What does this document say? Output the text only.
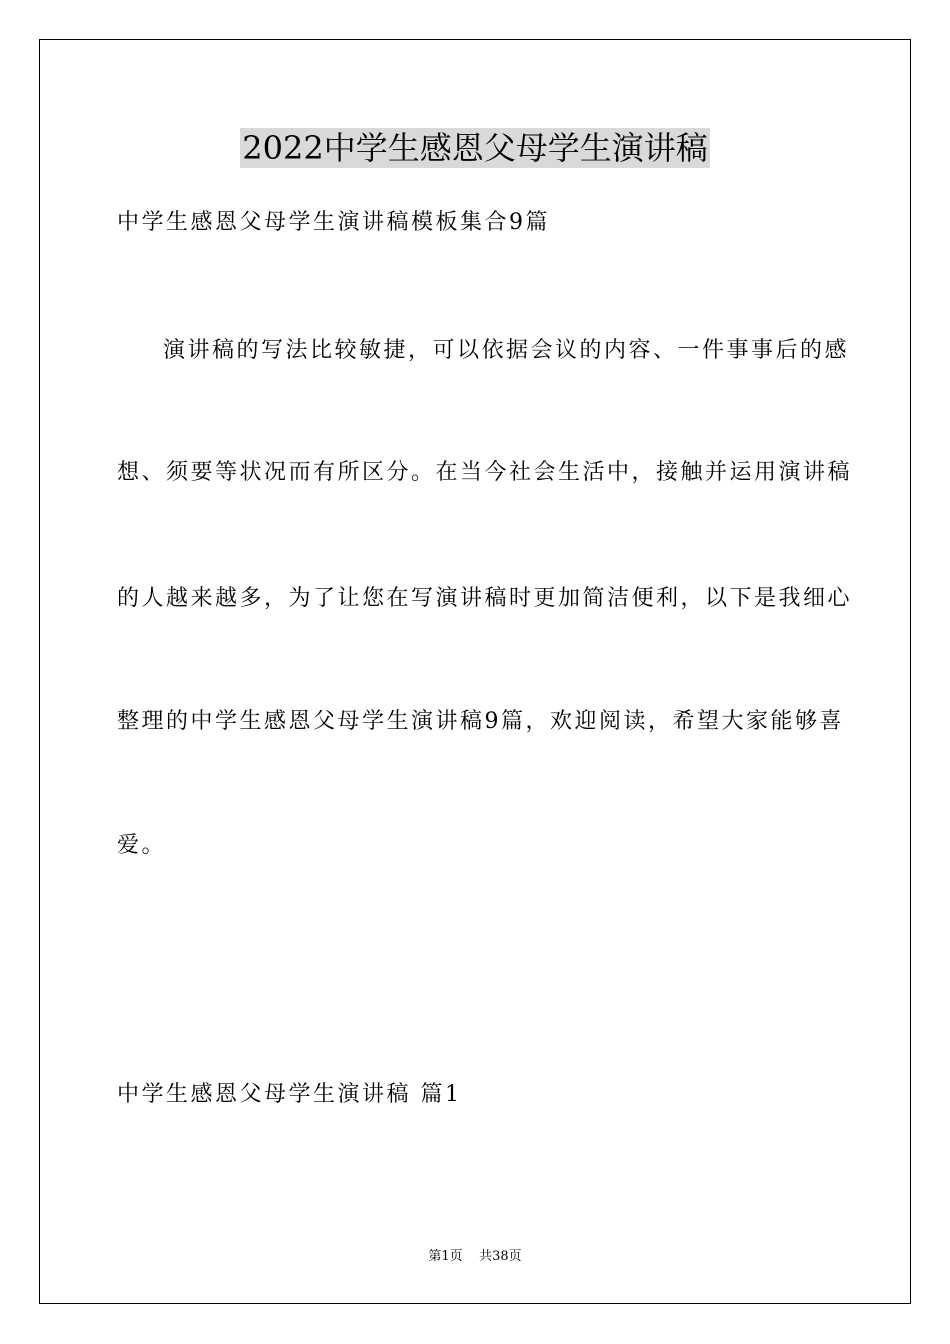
2022中学生感恩父母学生演讲稿
中学生感恩父母学生演讲稿模板集合9篇
演讲稿的写法比较敏捷，可以依据会议的内容、一件事事后的感
想、须要等状况而有所区分。在当今社会生活中，接触并运用演讲稿
的人越来越多，为了让您在写演讲稿时更加简洁便利，以下是我细心
整理的中学生感恩父母学生演讲稿9篇，欢迎阅读，希望大家能够喜
爱。
中学生感恩父母学生演讲稿 篇1
第1页    共38页
